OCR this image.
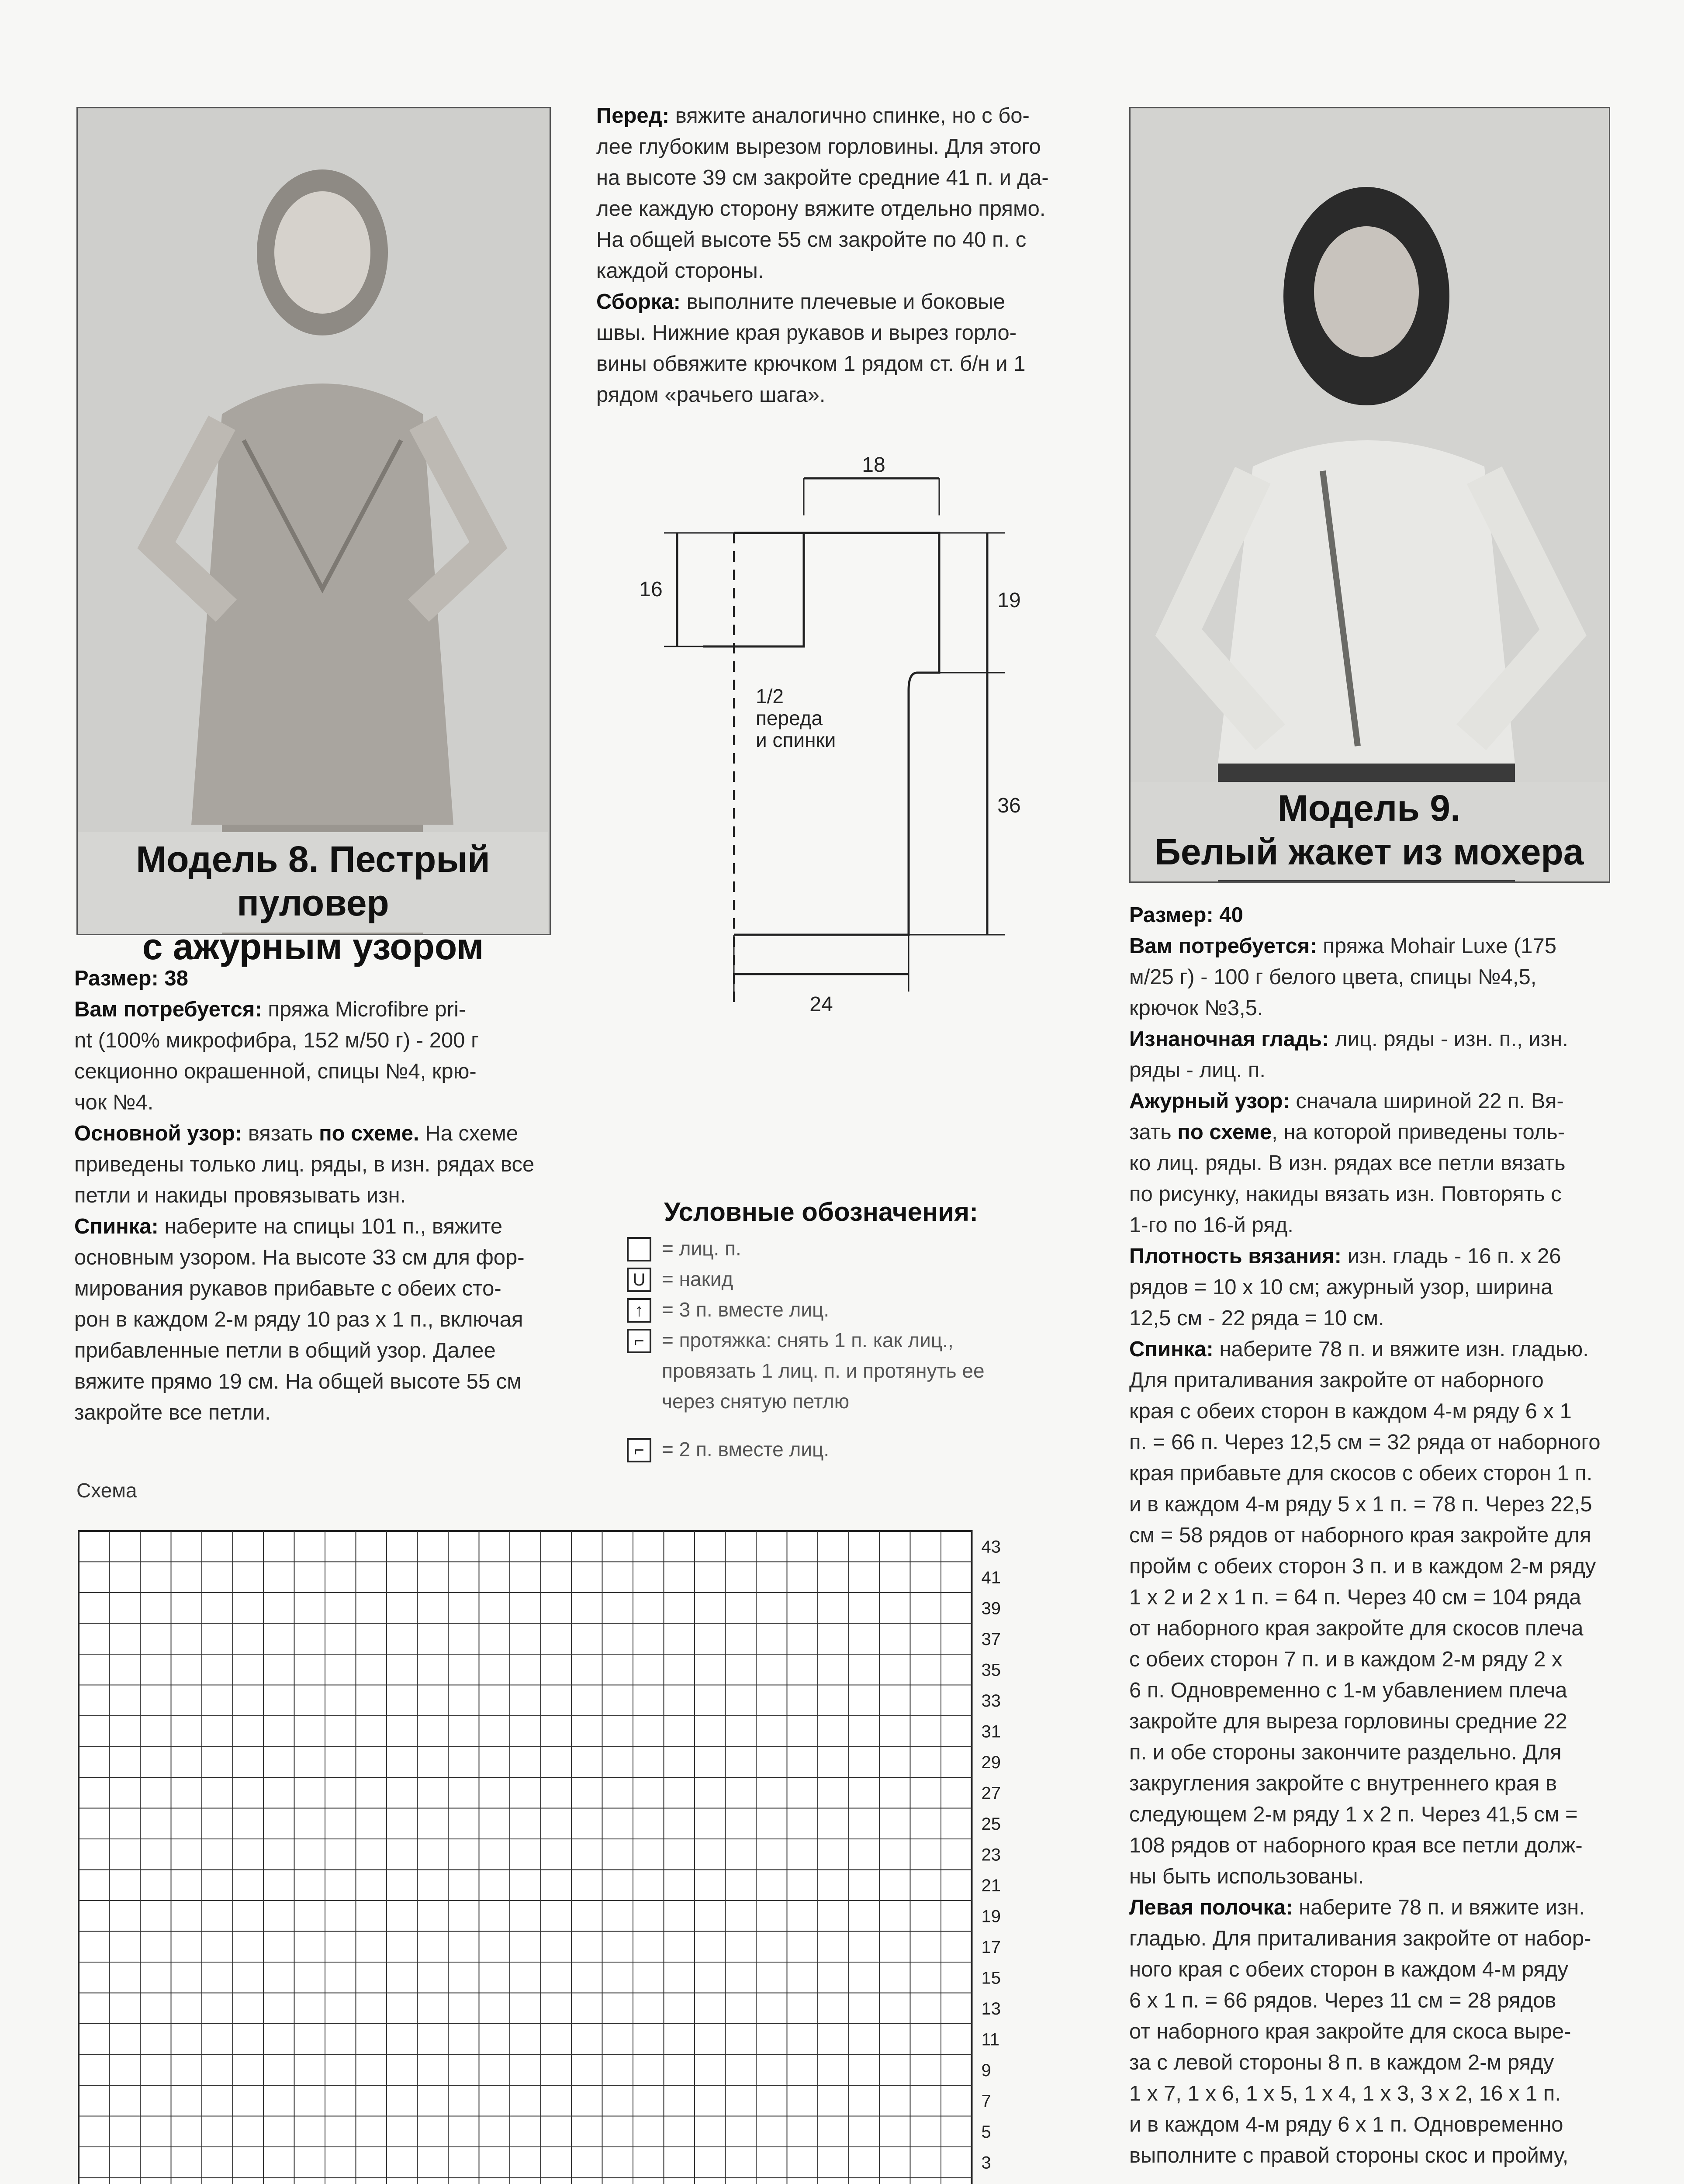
Модель 8. Пестрый пуловер
с ажурным узором
Размер: 38
Вам потребуется: пряжа Microfibre pri-
nt (100% микрофибра, 152 м/50 г) - 200 г
секционно окрашенной, спицы №4, крю-
чок №4.
Основной узор: вязать по схеме. На схеме
приведены только лиц. ряды, в изн. рядах все
петли и накиды провязывать изн.
Спинка: наберите на спицы 101 п., вяжите
основным узором. На высоте 33 см для фор-
мирования рукавов прибавьте с обеих сто-
рон в каждом 2-м ряду 10 раз х 1 п., включая
прибавленные петли в общий узор. Далее
вяжите прямо 19 см. На общей высоте 55 см
закройте все петли.
Перед: вяжите аналогично спинке, но с бо-
лее глубоким вырезом горловины. Для этого
на высоте 39 см закройте средние 41 п. и да-
лее каждую сторону вяжите отдельно прямо.
На общей высоте 55 см закройте по 40 п. с
каждой стороны.
Сборка: выполните плечевые и боковые
швы. Нижние края рукавов и вырез горло-
вины обвяжите крючком 1 рядом ст. б/н и 1
рядом «рачьего шага».
18
16	19
36
24
1/2
переда
и спинки
Условные обозначения:
= лиц. п.
U = накид
↑ = 3 п. вместе лиц.
⌐ = протяжка: снять 1 п. как лиц.,
провязать 1 лиц. п. и протянуть ее
через снятую петлю
⌐ = 2 п. вместе лиц.
Схема
Модель 9.
Белый жакет из мохера
Размер: 40
Вам потребуется: пряжа Mohair Luxe (175
м/25 г) - 100 г белого цвета, спицы №4,5,
крючок №3,5.
Изнаночная гладь: лиц. ряды - изн. п., изн.
ряды - лиц. п.
Ажурный узор: сначала шириной 22 п. Вя-
зать по схеме, на которой приведены толь-
ко лиц. ряды. В изн. рядах все петли вязать
по рисунку, накиды вязать изн. Повторять с
1-го по 16-й ряд.
Плотность вязания: изн. гладь - 16 п. х 26
рядов = 10 х 10 см; ажурный узор, ширина
12,5 см - 22 ряда = 10 см.
Спинка: наберите 78 п. и вяжите изн. гладью.
Для приталивания закройте от наборного
края с обеих сторон в каждом 4-м ряду 6 х 1
п. = 66 п. Через 12,5 см = 32 ряда от наборного
края прибавьте для скосов с обеих сторон 1 п.
и в каждом 4-м ряду 5 х 1 п. = 78 п. Через 22,5
см = 58 рядов от наборного края закройте для
пройм с обеих сторон 3 п. и в каждом 2-м ряду
1 х 2 и 2 х 1 п. = 64 п. Через 40 см = 104 ряда
от наборного края закройте для скосов плеча
с обеих сторон 7 п. и в каждом 2-м ряду 2 х
6 п. Одновременно с 1-м убавлением плеча
закройте для выреза горловины средние 22
п. и обе стороны закончите раздельно. Для
закругления закройте с внутреннего края в
следующем 2-м ряду 1 х 2 п. Через 41,5 см =
108 рядов от наборного края все петли долж-
ны быть использованы.
Левая полочка: наберите 78 п. и вяжите изн.
гладью. Для приталивания закройте от набор-
ного края с обеих сторон в каждом 4-м ряду
6 х 1 п. = 66 рядов. Через 11 см = 28 рядов
от наборного края закройте для скоса выре-
за с левой стороны 8 п. в каждом 2-м ряду
1 х 7, 1 х 6, 1 х 5, 1 х 4, 1 х 3, 3 х 2, 16 х 1 п.
и в каждом 4-м ряду 6 х 1 п. Одновременно
выполните с правой стороны скос и пройму,
43
41
39
37
35
33
31
29
27
25
23
21
19
17
15
13
11
9
7
5
3
